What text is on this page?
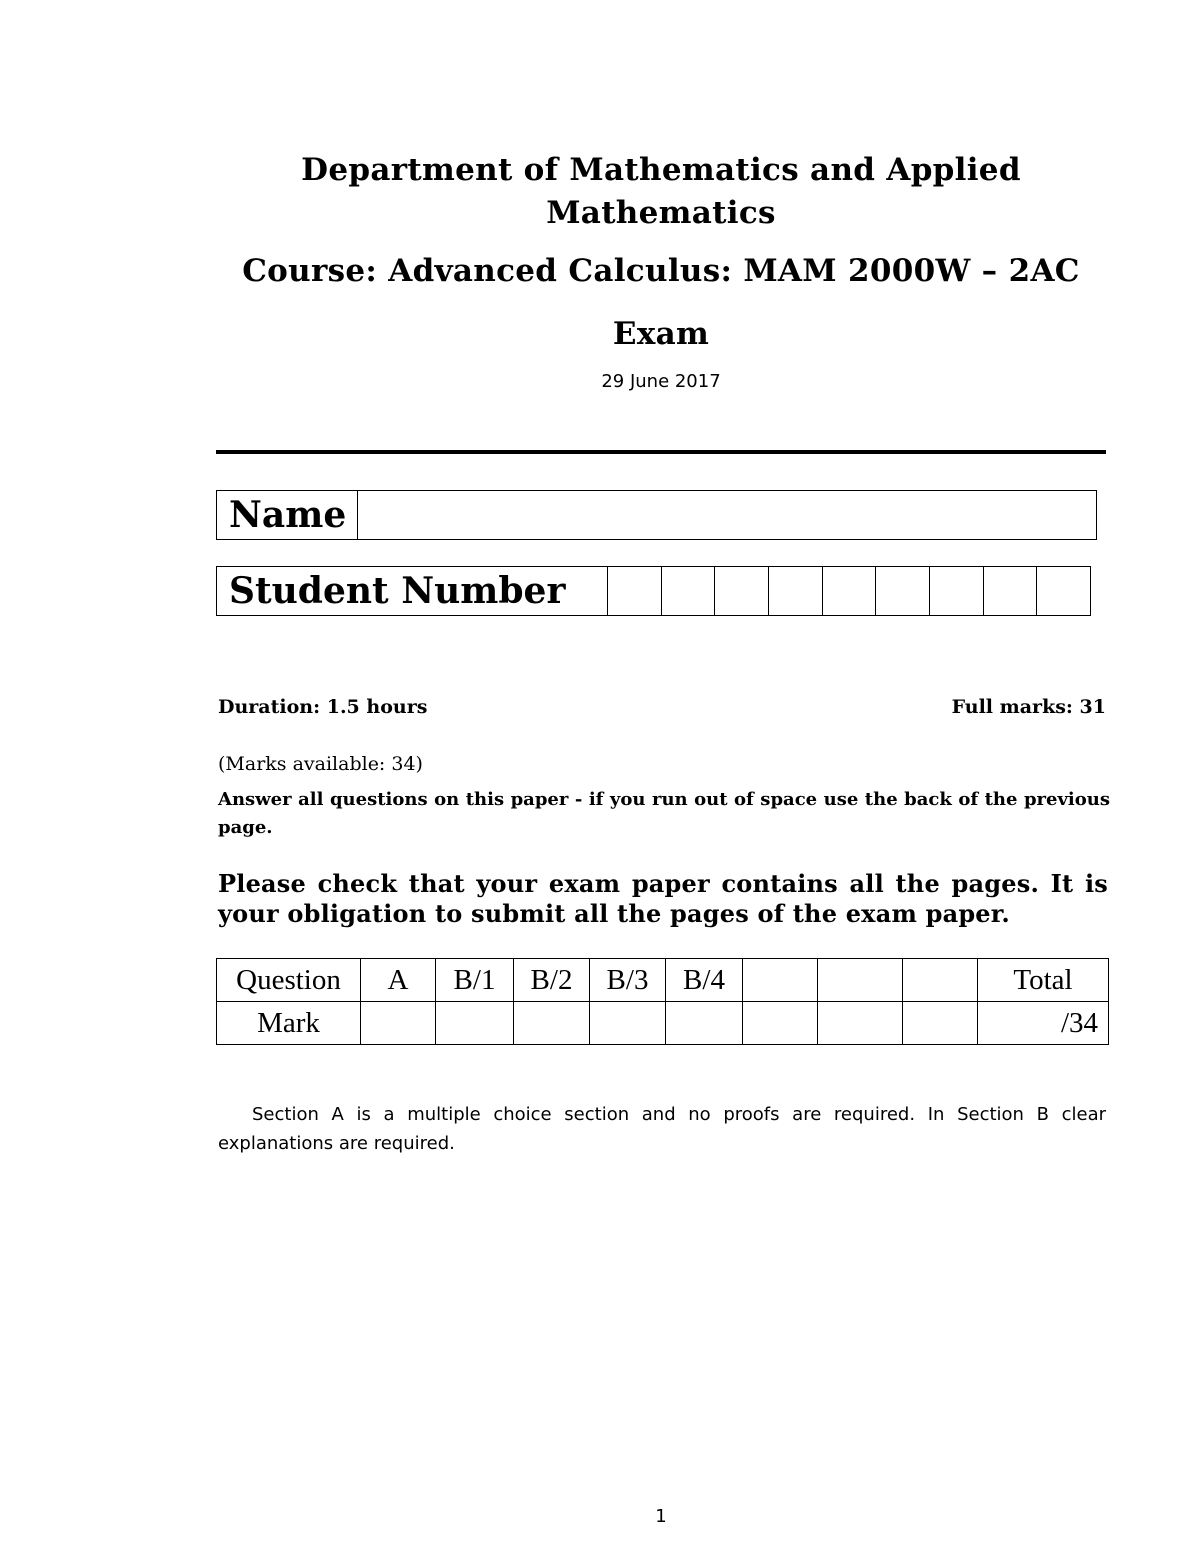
Department of Mathematics and Applied
Mathematics
Course: Advanced Calculus: MAM 2000W – 2AC
Exam
29 June 2017
Name	
Student Number									
Duration: 1.5 hours	Full marks: 31
(Marks available: 34)
Answer all questions on this paper - if you run out of space use the back of the previous page.
Please check that your exam paper contains all the pages. It is your obligation to submit all the pages of the exam paper.
Question	A	B/1	B/2	B/3	B/4				Total
Mark									/34
Section A is a multiple choice section and no proofs are required. In Section B clear explanations are required.
1
